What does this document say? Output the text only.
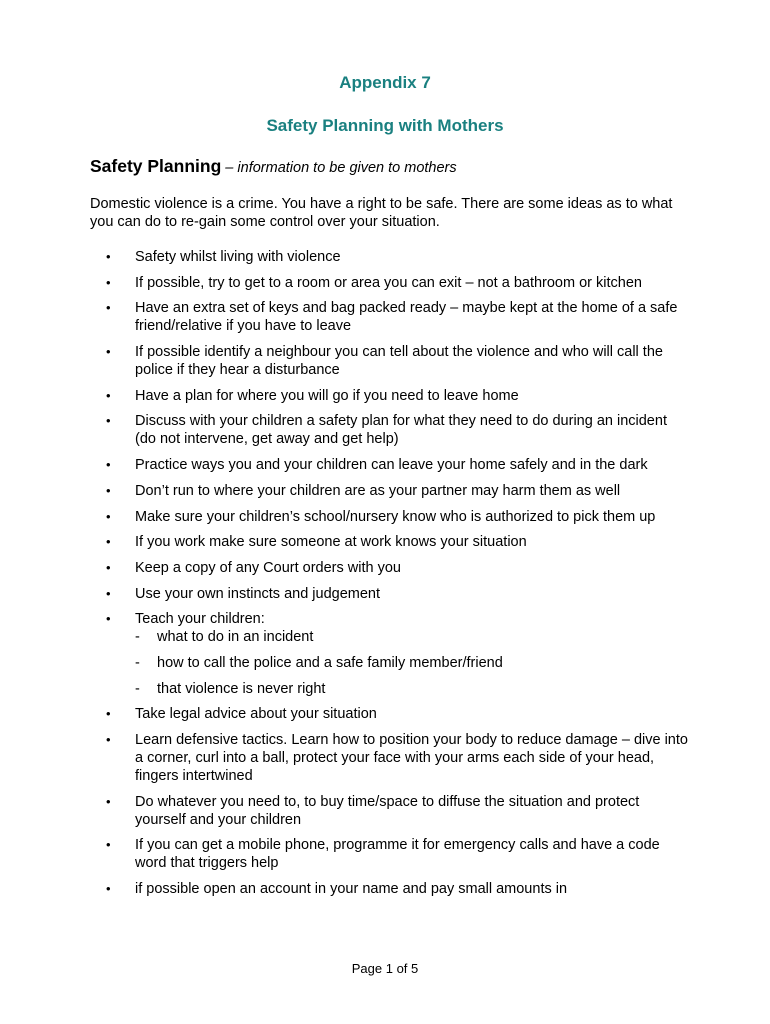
Appendix 7
Safety Planning with Mothers
Safety Planning – information to be given to mothers
Domestic violence is a crime. You have a right to be safe. There are some ideas as to what you can do to re-gain some control over your situation.
• Safety whilst living with violence
• If possible, try to get to a room or area you can exit – not a bathroom or kitchen
• Have an extra set of keys and bag packed ready – maybe kept at the home of a safe friend/relative if you have to leave
• If possible identify a neighbour you can tell about the violence and who will call the police if they hear a disturbance
• Have a plan for where you will go if you need to leave home
• Discuss with your children a safety plan for what they need to do during an incident (do not intervene, get away and get help)
• Practice ways you and your children can leave your home safely and in the dark
• Don’t run to where your children are as your partner may harm them as well
• Make sure your children’s school/nursery know who is authorized to pick them up
• If you work make sure someone at work knows your situation
• Keep a copy of any Court orders with you
• Use your own instincts and judgement
• Teach your children:
- what to do in an incident
- how to call the police and a safe family member/friend
- that violence is never right
• Take legal advice about your situation
• Learn defensive tactics. Learn how to position your body to reduce damage – dive into a corner, curl into a ball, protect your face with your arms each side of your head, fingers intertwined
• Do whatever you need to, to buy time/space to diffuse the situation and protect yourself and your children
• If you can get a mobile phone, programme it for emergency calls and have a code word that triggers help
• if possible open an account in your name and pay small amounts in
Page 1 of 5
